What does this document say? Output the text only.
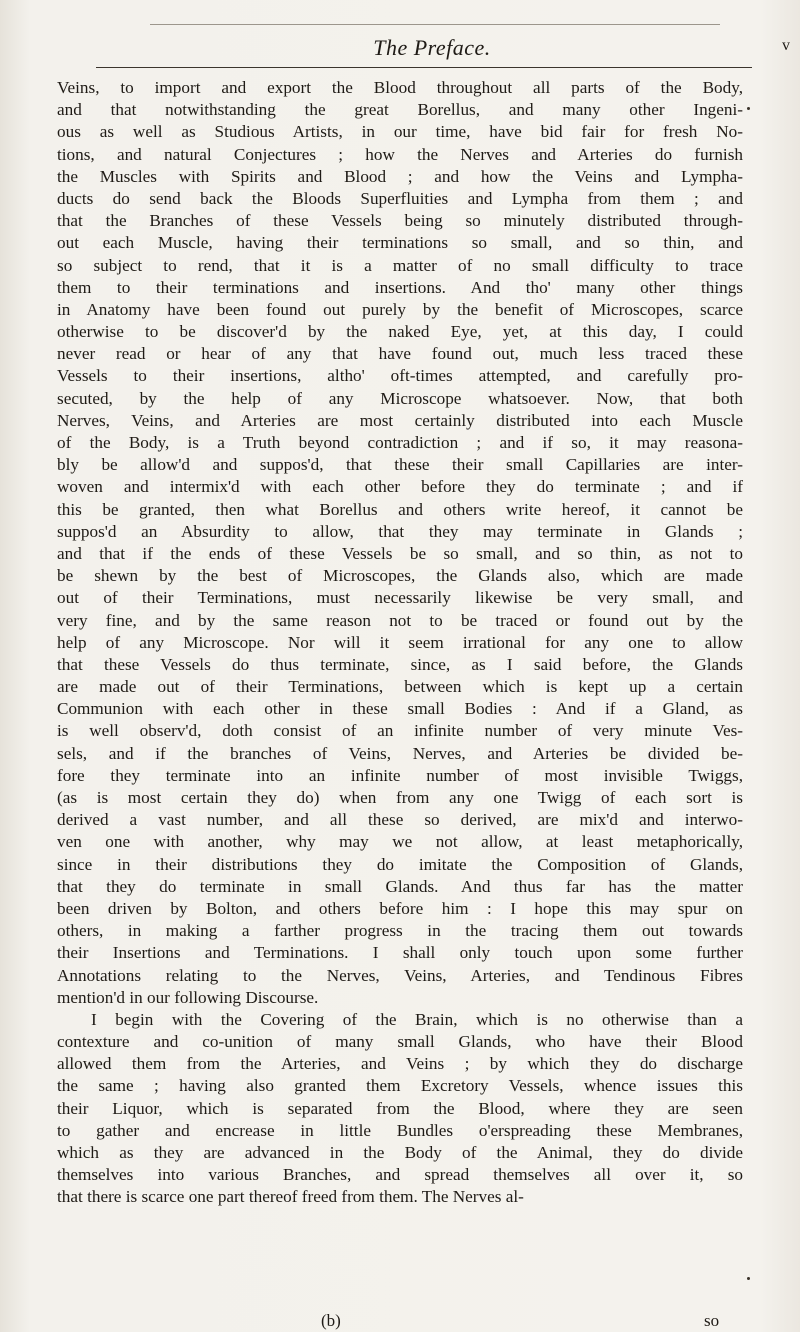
The Preface.	v
Veins, to import and export the Blood throughout all parts of the Body,
and that notwithstanding the great Borellus, and many other Ingeni-
ous as well as Studious Artists, in our time, have bid fair for fresh No-
tions, and natural Conjectures ; how the Nerves and Arteries do furnish
the Muscles with Spirits and Blood ; and how the Veins and Lympha-
ducts do send back the Bloods Superfluities and Lympha from them ; and
that the Branches of these Vessels being so minutely distributed through-
out each Muscle, having their terminations so small, and so thin, and
so subject to rend, that it is a matter of no small difficulty to trace
them to their terminations and insertions. And tho' many other things
in Anatomy have been found out purely by the benefit of Microscopes, scarce
otherwise to be discover'd by the naked Eye, yet, at this day, I could
never read or hear of any that have found out, much less traced these
Vessels to their insertions, altho' oft-times attempted, and carefully pro-
secuted, by the help of any Microscope whatsoever. Now, that both
Nerves, Veins, and Arteries are most certainly distributed into each Muscle
of the Body, is a Truth beyond contradiction ; and if so, it may reasona-
bly be allow'd and suppos'd, that these their small Capillaries are inter-
woven and intermix'd with each other before they do terminate ; and if
this be granted, then what Borellus and others write hereof, it cannot be
suppos'd an Absurdity to allow, that they may terminate in Glands ;
and that if the ends of these Vessels be so small, and so thin, as not to
be shewn by the best of Microscopes, the Glands also, which are made
out of their Terminations, must necessarily likewise be very small, and
very fine, and by the same reason not to be traced or found out by the
help of any Microscope. Nor will it seem irrational for any one to allow
that these Vessels do thus terminate, since, as I said before, the Glands
are made out of their Terminations, between which is kept up a certain
Communion with each other in these small Bodies : And if a Gland, as
is well observ'd, doth consist of an infinite number of very minute Ves-
sels, and if the branches of Veins, Nerves, and Arteries be divided be-
fore they terminate into an infinite number of most invisible Twiggs,
(as is most certain they do) when from any one Twigg of each sort is
derived a vast number, and all these so derived, are mix'd and interwo-
ven one with another, why may we not allow, at least metaphorically,
since in their distributions they do imitate the Composition of Glands,
that they do terminate in small Glands. And thus far has the matter
been driven by Bolton, and others before him : I hope this may spur on
others, in making a farther progress in the tracing them out towards
their Insertions and Terminations. I shall only touch upon some further
Annotations relating to the Nerves, Veins, Arteries, and Tendinous Fibres
mention'd in our following Discourse.
I begin with the Covering of the Brain, which is no otherwise than a
contexture and co-unition of many small Glands, who have their Blood
allowed them from the Arteries, and Veins ; by which they do discharge
the same ; having also granted them Excretory Vessels, whence issues this
their Liquor, which is separated from the Blood, where they are seen
to gather and encrease in little Bundles o'erspreading these Membranes,
which as they are advanced in the Body of the Animal, they do divide
themselves into various Branches, and spread themselves all over it, so
that there is scarce one part thereof freed from them. The Nerves al-
(b)	so
